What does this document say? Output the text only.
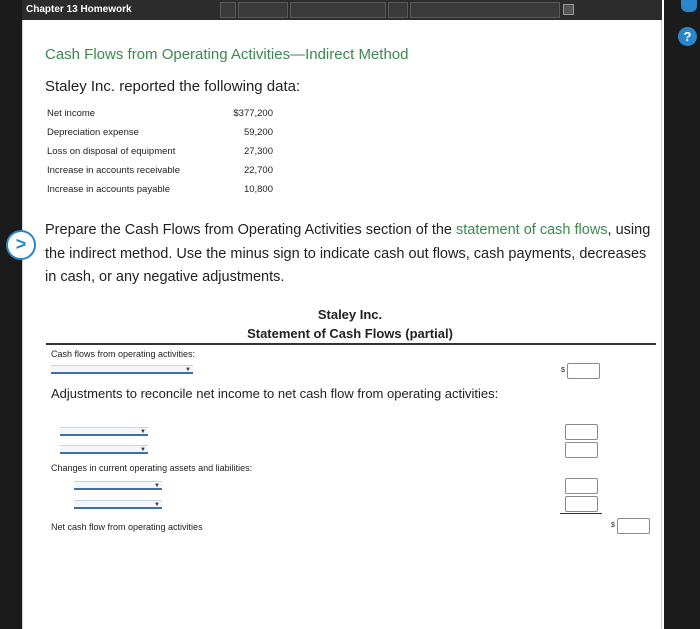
?
Chapter 13 Homework
Cash Flows from Operating Activities—Indirect Method
Staley Inc. reported the following data:
Net income	$377,200
Depreciation expense	59,200
Loss on disposal of equipment	27,300
Increase in accounts receivable	22,700
Increase in accounts payable	10,800
>
Prepare the Cash Flows from Operating Activities section of the statement of cash flows, using the indirect method. Use the minus sign to indicate cash out flows, cash payments, decreases in cash, or any negative adjustments.
Staley Inc.
Statement of Cash Flows (partial)
Cash flows from operating activities:
▼	$
Adjustments to reconcile net income to net cash flow from operating activities:
▼
▼
Changes in current operating assets and liabilities:
▼
▼
Net cash flow from operating activities	$
